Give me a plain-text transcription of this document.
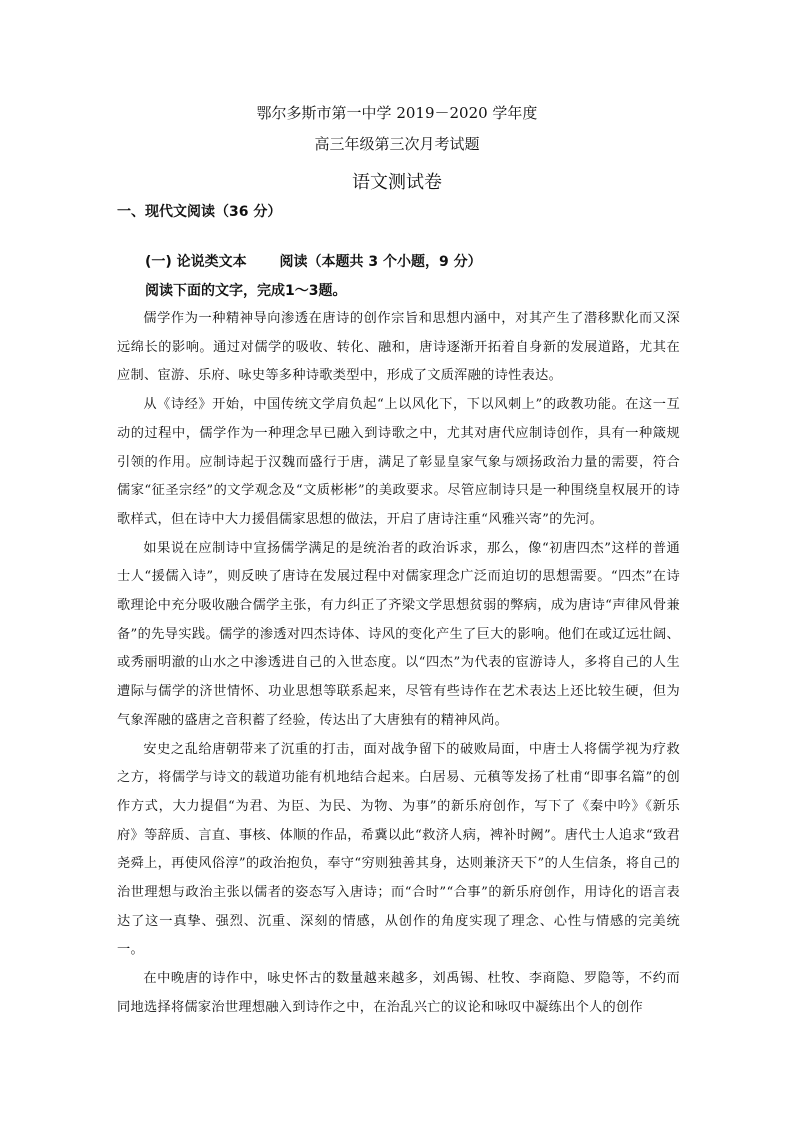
鄂尔多斯市第一中学 2019－2020 学年度
高三年级第三次月考试题
语文测试卷
一、现代文阅读（36 分）
(一) 论说类文本　　 阅读（本题共 3 个小题，9 分）
阅读下面的文字，完成1～3题。

儒学作为一种精神导向渗透在唐诗的创作宗旨和思想内涵中，对其产生了潜移默化而又深远绵长的影响。通过对儒学的吸收、转化、融和，唐诗逐渐开拓着自身新的发展道路，尤其在应制、宦游、乐府、咏史等多种诗歌类型中，形成了文质浑融的诗性表达。

从《诗经》开始，中国传统文学肩负起“上以风化下，下以风刺上”的政教功能。在这一互动的过程中，儒学作为一种理念早已融入到诗歌之中，尤其对唐代应制诗创作，具有一种箴规引领的作用。应制诗起于汉魏而盛行于唐，满足了彰显皇家气象与颂扬政治力量的需要，符合儒家“征圣宗经”的文学观念及“文质彬彬”的美政要求。尽管应制诗只是一种围绕皇权展开的诗歌样式，但在诗中大力援倡儒家思想的做法，开启了唐诗注重“风雅兴寄”的先河。

如果说在应制诗中宣扬儒学满足的是统治者的政治诉求，那么，像“初唐四杰”这样的普通士人“援儒入诗”，则反映了唐诗在发展过程中对儒家理念广泛而迫切的思想需要。“四杰”在诗歌理论中充分吸收融合儒学主张，有力纠正了齐梁文学思想贫弱的弊病，成为唐诗“声律风骨兼备”的先导实践。儒学的渗透对四杰诗体、诗风的变化产生了巨大的影响。他们在或辽远壮阔、或秀丽明澈的山水之中渗透进自己的入世态度。以“四杰”为代表的宦游诗人，多将自己的人生遭际与儒学的济世情怀、功业思想等联系起来，尽管有些诗作在艺术表达上还比较生硬，但为气象浑融的盛唐之音积蓄了经验，传达出了大唐独有的精神风尚。

安史之乱给唐朝带来了沉重的打击，面对战争留下的破败局面，中唐士人将儒学视为疗救之方，将儒学与诗文的载道功能有机地结合起来。白居易、元稹等发扬了杜甫“即事名篇”的创作方式，大力提倡“为君、为臣、为民、为物、为事”的新乐府创作，写下了《秦中吟》《新乐府》等辞质、言直、事核、体顺的作品，希冀以此“救济人病，裨补时阙”。唐代士人追求“致君尧舜上，再使风俗淳”的政治抱负，奉守“穷则独善其身，达则兼济天下”的人生信条，将自己的治世理想与政治主张以儒者的姿态写入唐诗；而“合时”“合事”的新乐府创作，用诗化的语言表达了这一真挚、强烈、沉重、深刻的情感，从创作的角度实现了理念、心性与情感的完美统一。

在中晚唐的诗作中，咏史怀古的数量越来越多，刘禹锡、杜牧、李商隐、罗隐等，不约而同地选择将儒家治世理想融入到诗作之中，在治乱兴亡的议论和咏叹中凝练出个人的创作
